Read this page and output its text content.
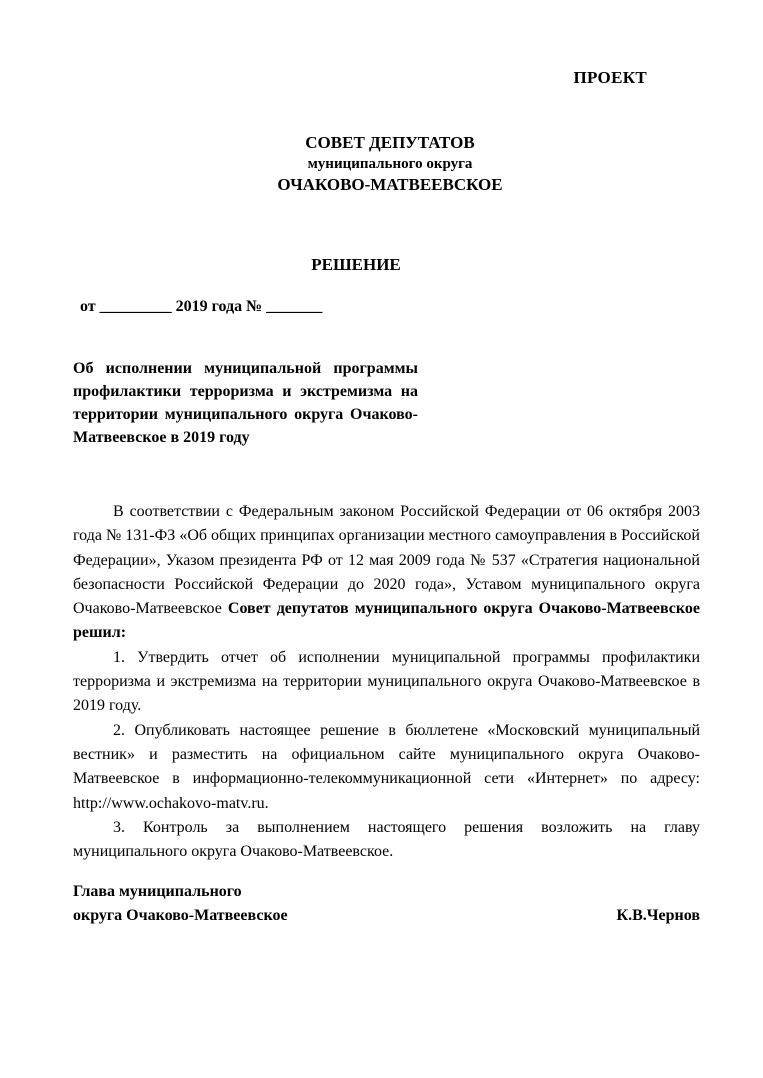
ПРОЕКТ
СОВЕТ ДЕПУТАТОВ
муниципального округа
ОЧАКОВО-МАТВЕЕВСКОЕ
РЕШЕНИЕ
от _________ 2019 года № _______
Об исполнении муниципальной программы профилактики терроризма и экстремизма на территории муниципального округа Очаково-Матвеевское в 2019 году

В соответствии с Федеральным законом Российской Федерации от 06 октября 2003 года № 131-ФЗ «Об общих принципах организации местного самоуправления в Российской Федерации», Указом президента РФ от 12 мая 2009 года № 537 «Стратегия национальной безопасности Российской Федерации до 2020 года», Уставом муниципального округа Очаково-Матвеевское Совет депутатов муниципального округа Очаково-Матвеевское решил:

1. Утвердить отчет об исполнении муниципальной программы профилактики терроризма и экстремизма на территории муниципального округа Очаково-Матвеевское в 2019 году.

2. Опубликовать настоящее решение в бюллетене «Московский муниципальный вестник» и разместить на официальном сайте муниципального округа Очаково-Матвеевское в информационно-телекоммуникационной сети «Интернет» по адресу: http://www.ochakovo-matv.ru.

3. Контроль за выполнением настоящего решения возложить на главу муниципального округа Очаково-Матвеевское.

Глава муниципального
округа Очаково-Матвеевское	К.В.Чернов
